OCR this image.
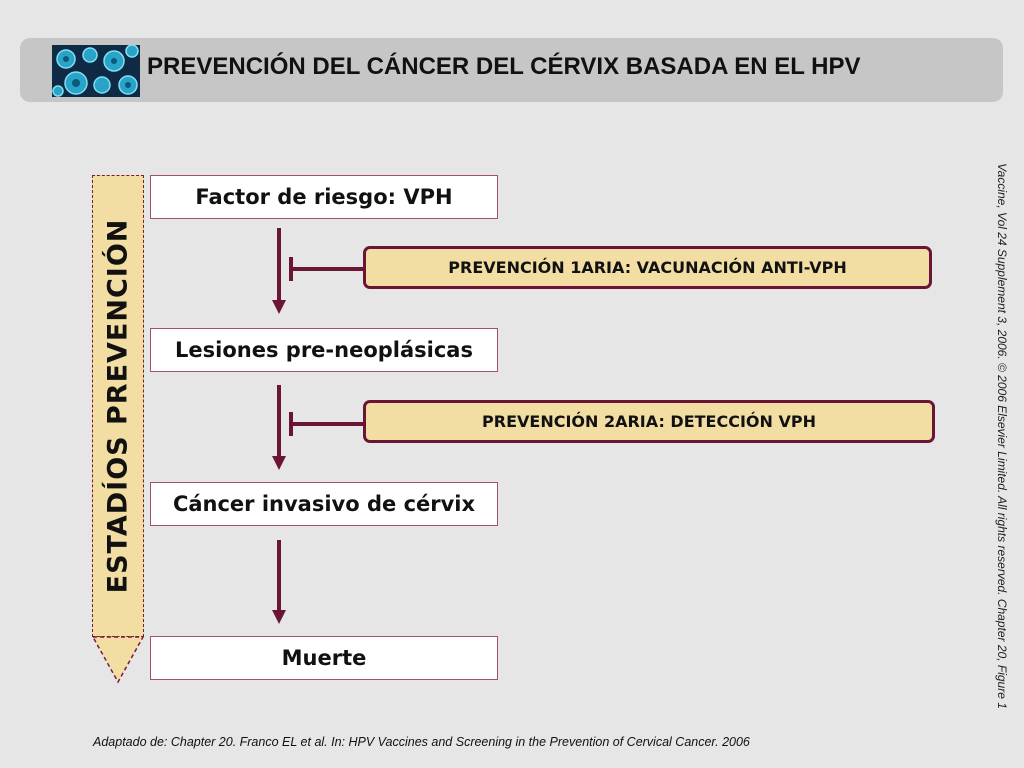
PREVENCIÓN DEL CÁNCER DEL CÉRVIX BASADA EN EL HPV
ESTADÍOS PREVENCIÓN
Factor de riesgo: VPH
Lesiones pre-neoplásicas
Cáncer invasivo de cérvix
Muerte
PREVENCIÓN 1ARIA: VACUNACIÓN ANTI-VPH
PREVENCIÓN 2ARIA: DETECCIÓN VPH	Vaccine, Vol 24 Supplement 3, 2006. © 2006 Elsevier Limited. All rights reserved. Chapter 20, Figure 1
Adaptado de: Chapter 20. Franco EL et al. In: HPV Vaccines and Screening in the Prevention of Cervical Cancer. 2006
